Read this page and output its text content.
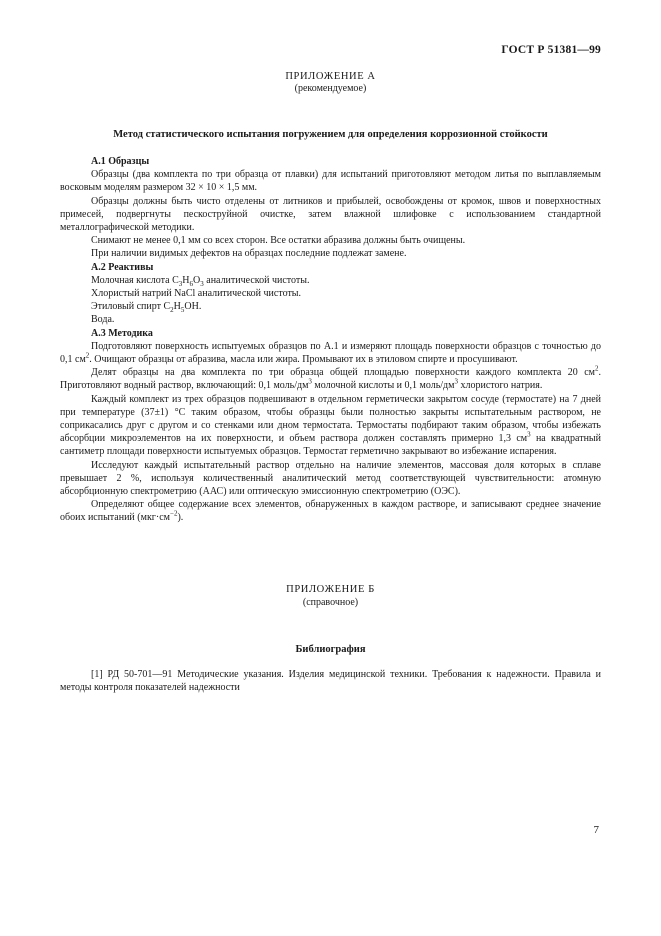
ГОСТ Р 51381—99
ПРИЛОЖЕНИЕ А
(рекомендуемое)
Метод статистического испытания погружением для определения коррозионной стойкости

А.1 Образцы

Образцы (два комплекта по три образца от плавки) для испытаний приготовляют методом литья по выплавляемым восковым моделям размером 32 × 10 × 1,5 мм.

Образцы должны быть чисто отделены от литников и прибылей, освобождены от кромок, швов и поверхностных примесей, подвергнуты пескоструйной очистке, затем влажной шлифовке с использованием стандартной металлографической методики.

Снимают не менее 0,1 мм со всех сторон. Все остатки абразива должны быть очищены.

При наличии видимых дефектов на образцах последние подлежат замене.

А.2 Реактивы

Молочная кислота $C_3H_6O_3$ аналитической чистоты.

Хлористый натрий NaCl аналитической чистоты.

Этиловый спирт $C_2H_5OH$.

Вода.

А.3 Методика

Подготовляют поверхность испытуемых образцов по А.1 и измеряют площадь поверхности образцов с точностью до 0,1 $см^2$. Очищают образцы от абразива, масла или жира. Промывают их в этиловом спирте и просушивают.

Делят образцы на два комплекта по три образца общей площадью поверхности каждого комплекта 20 $см^2$. Приготовляют водный раствор, включающий: 0,1 моль/$дм^3$ молочной кислоты и 0,1 моль/$дм^3$ хлористого натрия.

Каждый комплект из трех образцов подвешивают в отдельном герметически закрытом сосуде (термостате) на 7 дней при температуре (37±1) °С таким образом, чтобы образцы были полностью закрыты испытательным раствором, не соприкасались друг с другом и со стенками или дном термостата. Термостаты подбирают таким образом, чтобы избежать абсорбции микроэлементов на их поверхности, и объем раствора должен составлять примерно 1,3 $см^3$ на квадратный сантиметр площади поверхности испытуемых образцов. Термостат герметично закрывают во избежание испарения.

Исследуют каждый испытательный раствор отдельно на наличие элементов, массовая доля которых в сплаве превышает 2 %, используя количественный аналитический метод соответствующей чувствительности: атомную абсорбционную спектрометрию (ААС) или оптическую эмиссионную спектрометрию (ОЭС).

Определяют общее содержание всех элементов, обнаруженных в каждом растворе, и записывают среднее значение обоих испытаний $(мкг\cdot см^{-2})$.

ПРИЛОЖЕНИЕ Б
(справочное)
Библиография

[1] РД 50-701—91 Методические указания. Изделия медицинской техники. Требования к надежности. Правила и методы контроля показателей надежности

7
